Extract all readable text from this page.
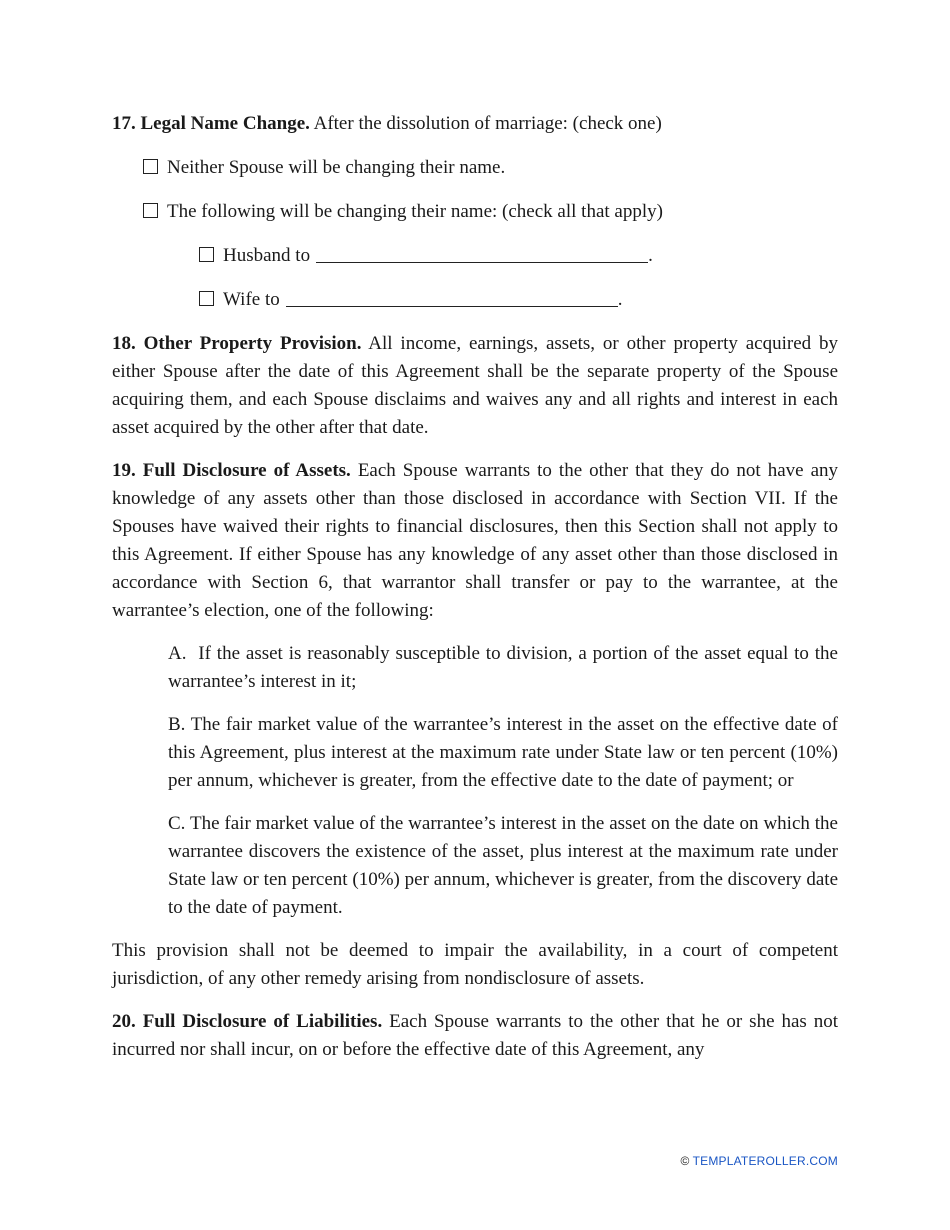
17. Legal Name Change. After the dissolution of marriage: (check one)

Neither Spouse will be changing their name.
The following will be changing their name: (check all that apply)
Husband to	.
Wife to	.

18. Other Property Provision. All income, earnings, assets, or other property acquired by either Spouse after the date of this Agreement shall be the separate property of the Spouse acquiring them, and each Spouse disclaims and waives any and all rights and interest in each asset acquired by the other after that date.

19. Full Disclosure of Assets. Each Spouse warrants to the other that they do not have any knowledge of any assets other than those disclosed in accordance with Section VII. If the Spouses have waived their rights to financial disclosures, then this Section shall not apply to this Agreement. If either Spouse has any knowledge of any asset other than those disclosed in accordance with Section 6, that warrantor shall transfer or pay to the warrantee, at the warrantee’s election, one of the following:

A.  If the asset is reasonably susceptible to division, a portion of the asset equal to the warrantee’s interest in it;

B. The fair market value of the warrantee’s interest in the asset on the effective date of this Agreement, plus interest at the maximum rate under State law or ten percent (10%) per annum, whichever is greater, from the effective date to the date of payment; or

C. The fair market value of the warrantee’s interest in the asset on the date on which the warrantee discovers the existence of the asset, plus interest at the maximum rate under State law or ten percent (10%) per annum, whichever is greater, from the discovery date to the date of payment.

This provision shall not be deemed to impair the availability, in a court of competent jurisdiction, of any other remedy arising from nondisclosure of assets.

20. Full Disclosure of Liabilities. Each Spouse warrants to the other that he or she has not incurred nor shall incur, on or before the effective date of this Agreement, any

© TEMPLATEROLLER.COM
